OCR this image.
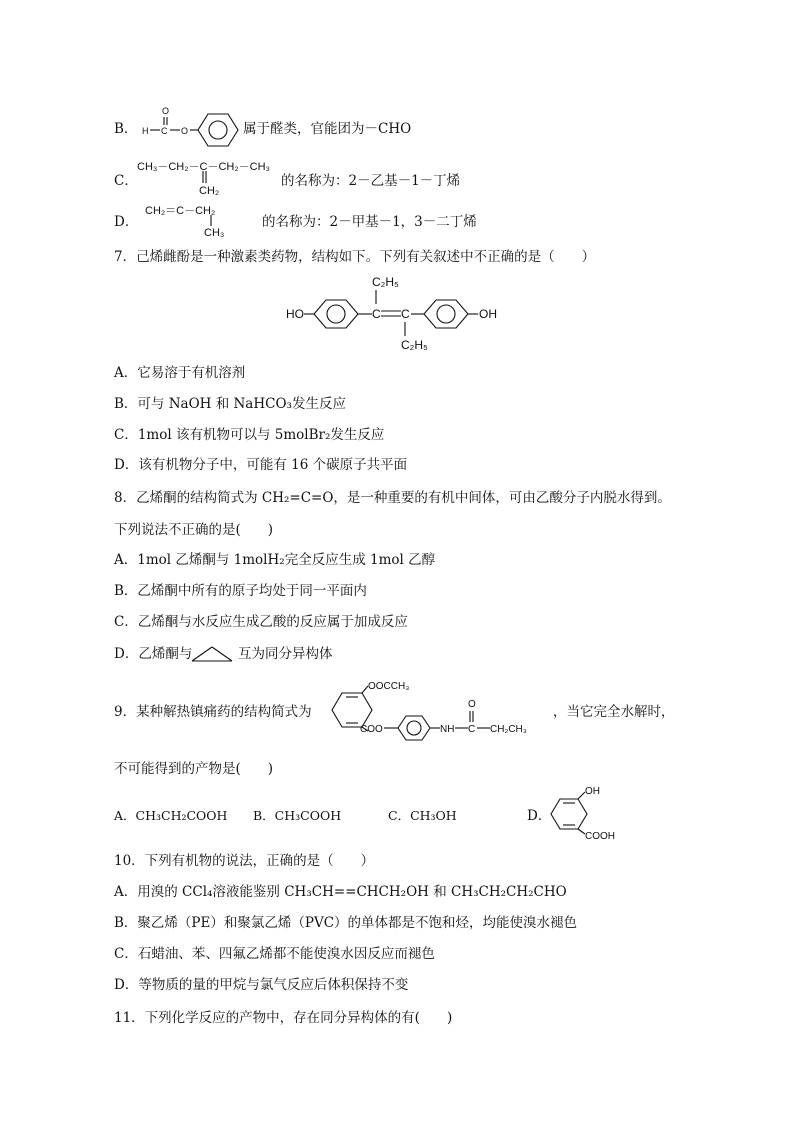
B．
O
H C O	属于醛类，官能团为－CHO
CH₃－CH₂－C－CH₂－CH₃
CH₂
C．	的名称为：2－乙基－1－丁烯
CH₂＝C－CH₂
CH₃
D．	的名称为：2－甲基－1，3－二丁烯
7．己烯雌酚是一种激素类药物，结构如下。下列有关叙述中不正确的是（　　）
HO	C C
C₂H₅
C₂H₅
OH
A．它易溶于有机溶剂
B．可与 NaOH 和 NaHCO₃发生反应
C．1mol 该有机物可以与 5molBr₂发生反应
D．该有机物分子中，可能有 16 个碳原子共平面
8．乙烯酮的结构简式为 CH₂=C=O，是一种重要的有机中间体，可由乙酸分子内脱水得到。
下列说法不正确的是(　　)
A．1mol 乙烯酮与 1molH₂完全反应生成 1mol 乙醇
B．乙烯酮中所有的原子均处于同一平面内
C．乙烯酮与水反应生成乙酸的反应属于加成反应
D．乙烯酮与	互为同分异构体
9．某种解热镇痛药的结构简式为
OOCCH₃
COO	NH C
O
CH₂CH₃
，当它完全水解时，
不可能得到的产物是(　　)
A．CH₃CH₂COOH B．CH₃COOH	C．CH₃OH	D．
OH
COOH
10．下列有机物的说法，正确的是（　　）
A．用溴的 CCl₄溶液能鉴别 CH₃CH==CHCH₂OH 和 CH₃CH₂CH₂CHO
B．聚乙烯（PE）和聚氯乙烯（PVC）的单体都是不饱和烃，均能使溴水褪色
C．石蜡油、苯、四氟乙烯都不能使溴水因反应而褪色
D．等物质的量的甲烷与氯气反应后体积保持不变
11．下列化学反应的产物中，存在同分异构体的有(　　)
